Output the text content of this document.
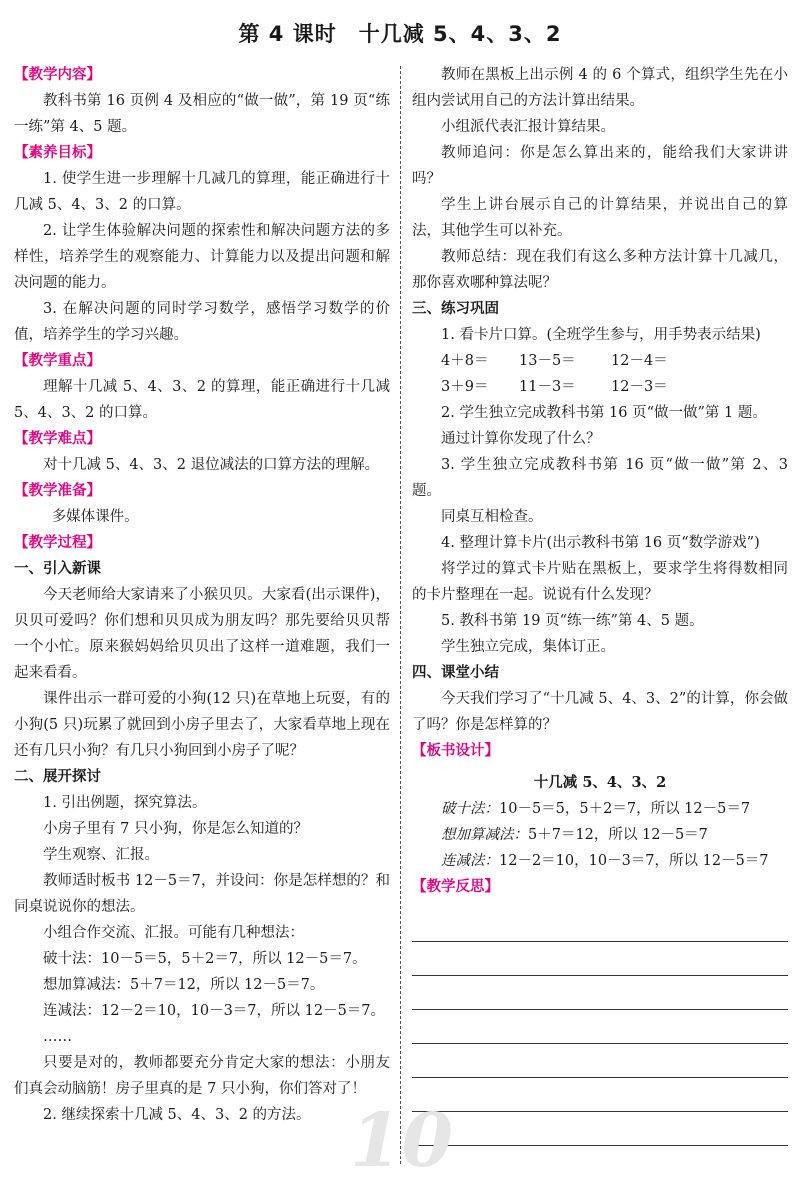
第 4 课时　十几减 5、4、3、2
【教学内容】

教科书第 16 页例 4 及相应的“做一做”，第 19 页“练一练”第 4、5 题。

【素养目标】

1. 使学生进一步理解十几减几的算理，能正确进行十几减 5、4、3、2 的口算。

2. 让学生体验解决问题的探索性和解决问题方法的多样性，培养学生的观察能力、计算能力以及提出问题和解决问题的能力。

3. 在解决问题的同时学习数学，感悟学习数学的价值，培养学生的学习兴趣。

【教学重点】

理解十几减 5、4、3、2 的算理，能正确进行十几减 5、4、3、2 的口算。

【教学难点】

对十几减 5、4、3、2 退位减法的口算方法的理解。

【教学准备】

多媒体课件。

【教学过程】
一、引入新课

今天老师给大家请来了小猴贝贝。大家看(出示课件)，贝贝可爱吗？你们想和贝贝成为朋友吗？那先要给贝贝帮一个小忙。原来猴妈妈给贝贝出了这样一道难题，我们一起来看看。

课件出示一群可爱的小狗(12 只)在草地上玩耍，有的小狗(5 只)玩累了就回到小房子里去了，大家看草地上现在还有几只小狗？有几只小狗回到小房子了呢？

二、展开探讨

1. 引出例题，探究算法。

小房子里有 7 只小狗，你是怎么知道的？

学生观察、汇报。

教师适时板书 12－5＝7，并设问：你是怎样想的？和同桌说说你的想法。

小组合作交流、汇报。可能有几种想法：

破十法：10－5＝5，5＋2＝7，所以 12－5＝7。

想加算减法：5＋7＝12，所以 12－5＝7。

连减法：12－2＝10，10－3＝7，所以 12－5＝7。

……

只要是对的，教师都要充分肯定大家的想法：小朋友们真会动脑筋！房子里真的是 7 只小狗，你们答对了！

2. 继续探索十几减 5、4、3、2 的方法。

教师在黑板上出示例 4 的 6 个算式，组织学生先在小组内尝试用自己的方法计算出结果。

小组派代表汇报计算结果。

教师追问：你是怎么算出来的，能给我们大家讲讲吗？

学生上讲台展示自己的计算结果，并说出自己的算法，其他学生可以补充。

教师总结：现在我们有这么多种方法计算十几减几，那你喜欢哪种算法呢？

三、练习巩固

1. 看卡片口算。(全班学生参与，用手势表示结果)

4＋8＝	13－5＝	12－4＝
3＋9＝	11－3＝	12－3＝

2. 学生独立完成教科书第 16 页“做一做”第 1 题。

通过计算你发现了什么？

3. 学生独立完成教科书第 16 页“做一做”第 2、3 题。

同桌互相检查。

4. 整理计算卡片(出示教科书第 16 页“数学游戏”)

将学过的算式卡片贴在黑板上，要求学生将得数相同的卡片整理在一起。说说有什么发现？

5. 教科书第 19 页“练一练”第 4、5 题。

学生独立完成，集体订正。

四、课堂小结

今天我们学习了“十几减 5、4、3、2”的计算，你会做了吗？你是怎样算的？

【板书设计】
十几减 5、4、3、2
破十法：10－5＝5，5＋2＝7，所以 12－5＝7
想加算减法：5＋7＝12，所以 12－5＝7
连减法：12－2＝10，10－3＝7，所以 12－5＝7
【教学反思】
10
